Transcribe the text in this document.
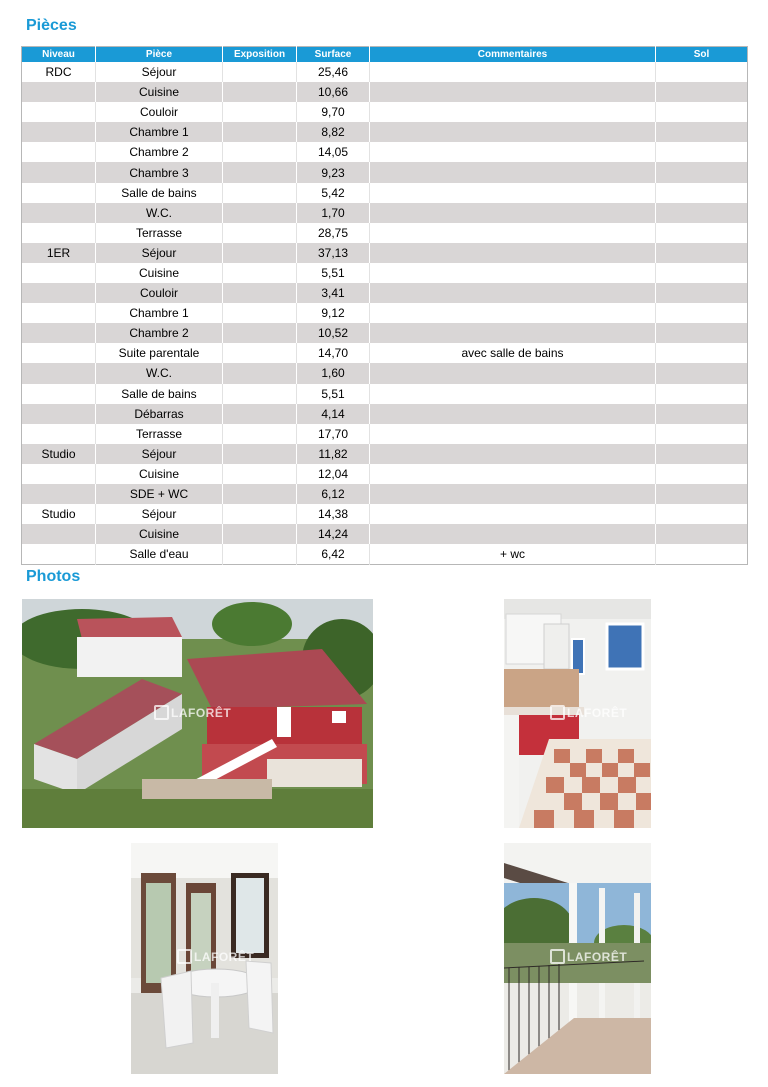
Pièces
Niveau	Pièce	Exposition	Surface	Commentaires	Sol
RDC	Séjour		25,46		
	Cuisine		10,66		
	Couloir		9,70		
	Chambre 1		8,82		
	Chambre 2		14,05		
	Chambre 3		9,23		
	Salle de bains		5,42		
	W.C.		1,70		
	Terrasse		28,75		
1ER	Séjour		37,13		
	Cuisine		5,51		
	Couloir		3,41		
	Chambre 1		9,12		
	Chambre 2		10,52		
	Suite parentale		14,70	avec salle de bains	
	W.C.		1,60		
	Salle de bains		5,51		
	Débarras		4,14		
	Terrasse		17,70		
Studio	Séjour		11,82		
	Cuisine		12,04		
	SDE + WC		6,12		
Studio	Séjour		14,38		
	Cuisine		14,24		
	Salle d'eau		6,42	+ wc	
Photos
LAFORÊT	LAFORÊT
LAFORÊT	LAFORÊT
